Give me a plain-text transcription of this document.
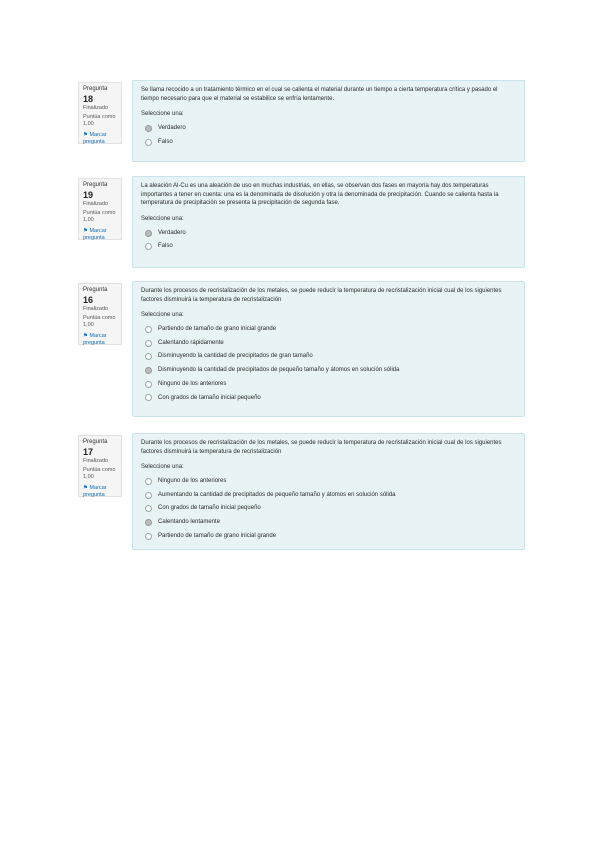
Pregunta 18
Finalizado
Puntúa como 1,00
⚑ Marcar pregunta
Se llama recocido a un tratamiento térmico en el cual se calienta el material durante un tiempo a cierta temperatura crítica y pasado el tiempo necesario para que el material se estabilice se enfría lentamente.
Seleccione una:
Verdadero
Falso
Pregunta 19
Finalizado
Puntúa como 1,00
⚑ Marcar pregunta
La aleación Al-Cu es una aleación de uso en muchas industrias, en ellas, se observan dos fases en mayoría hay dos temperaturas importantes a tener en cuenta: una es la denominada de disolución y otra la denominada de precipitación. Cuando se calienta hasta la temperatura de precipitación se presenta la precipitación de segunda fase.
Seleccione una:
Verdadero
Falso
Pregunta 16
Finalizado
Puntúa como 1,00
⚑ Marcar pregunta
Durante los procesos de recristalización de los metales, se puede reducir la temperatura de recristalización inicial cual de los siguientes factores disminuirá la temperatura de recristalización
Seleccione una:
Partiendo de tamaño de grano inicial grande
Calentando rápidamente
Disminuyendo la cantidad de precipitados de gran tamaño
Disminuyendo la cantidad de precipitados de pequeño tamaño y átomos en solución sólida
Ninguno de los anteriores
Con grados de tamaño inicial pequeño
Pregunta 17
Finalizado
Puntúa como 1,00
⚑ Marcar pregunta
Durante los procesos de recristalización de los metales, se puede reducir la temperatura de recristalización inicial cual de los siguientes factores disminuirá la temperatura de recristalización
Seleccione una:
Ninguno de los anteriores
Aumentando la cantidad de precipitados de pequeño tamaño y átomos en solución sólida
Con grados de tamaño inicial pequeño
Calentando lentamente
Partiendo de tamaño de grano inicial grande
